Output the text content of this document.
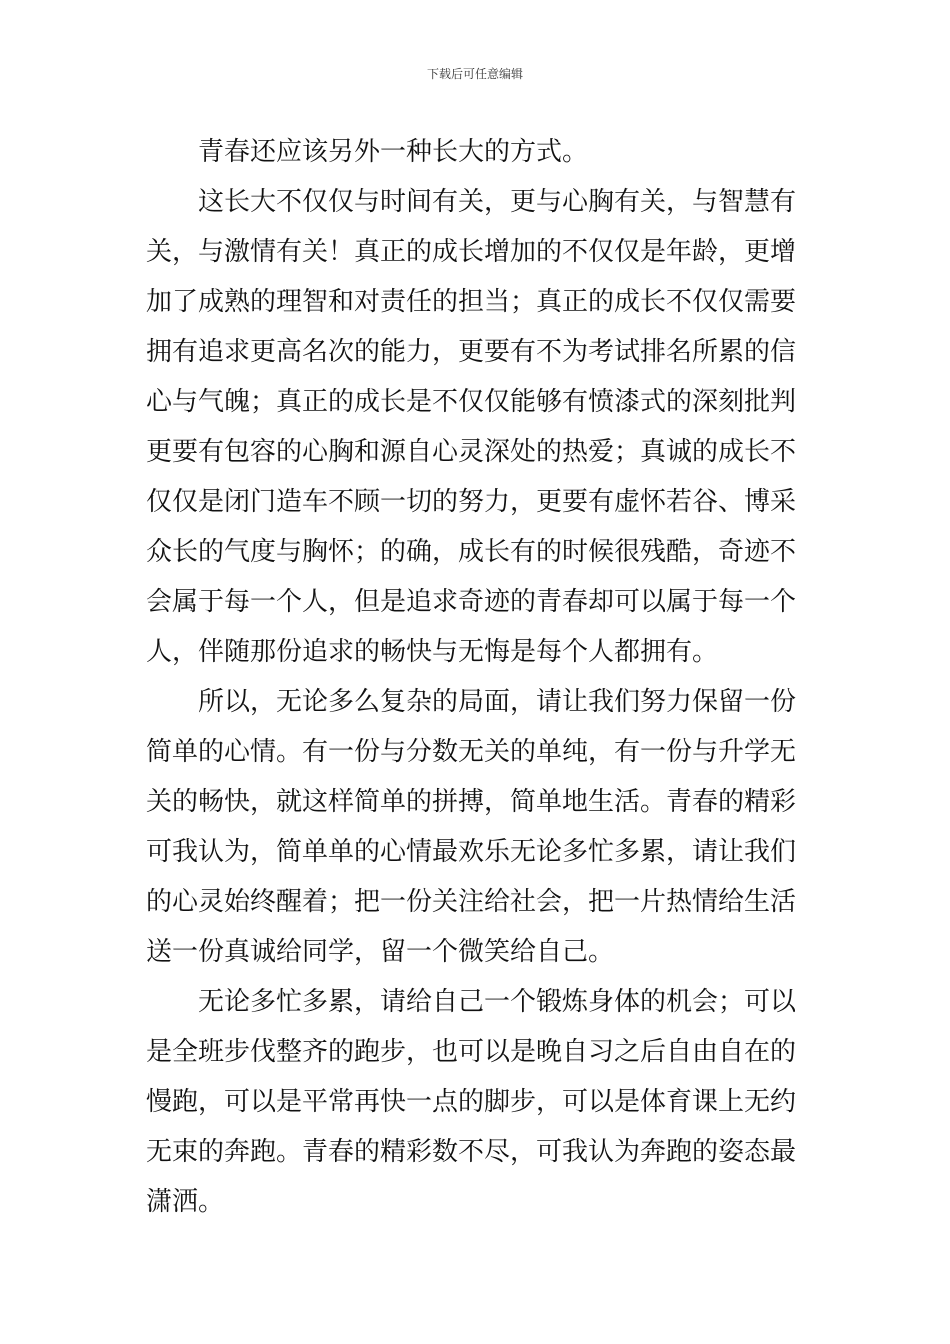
下载后可任意编辑

青春还应该另外一种长大的方式。

这长大不仅仅与时间有关，更与心胸有关，与智慧有关，与激情有关！真正的成长增加的不仅仅是年龄，更增加了成熟的理智和对责任的担当；真正的成长不仅仅需要拥有追求更高名次的能力，更要有不为考试排名所累的信心与气魄；真正的成长是不仅仅能够有愤漆式的深刻批判更要有包容的心胸和源自心灵深处的热爱；真诚的成长不仅仅是闭门造车不顾一切的努力，更要有虚怀若谷、博采众长的气度与胸怀；的确，成长有的时候很残酷，奇迹不会属于每一个人，但是追求奇迹的青春却可以属于每一个人，伴随那份追求的畅快与无悔是每个人都拥有。

所以，无论多么复杂的局面，请让我们努力保留一份简单的心情。有一份与分数无关的单纯，有一份与升学无关的畅快，就这样简单的拼搏，简单地生活。青春的精彩可我认为，简单单的心情最欢乐无论多忙多累，请让我们的心灵始终醒着；把一份关注给社会，把一片热情给生活送一份真诚给同学，留一个微笑给自己。

无论多忙多累，请给自己一个锻炼身体的机会；可以是全班步伐整齐的跑步，也可以是晚自习之后自由自在的慢跑，可以是平常再快一点的脚步，可以是体育课上无约无束的奔跑。青春的精彩数不尽，可我认为奔跑的姿态最潇洒。
